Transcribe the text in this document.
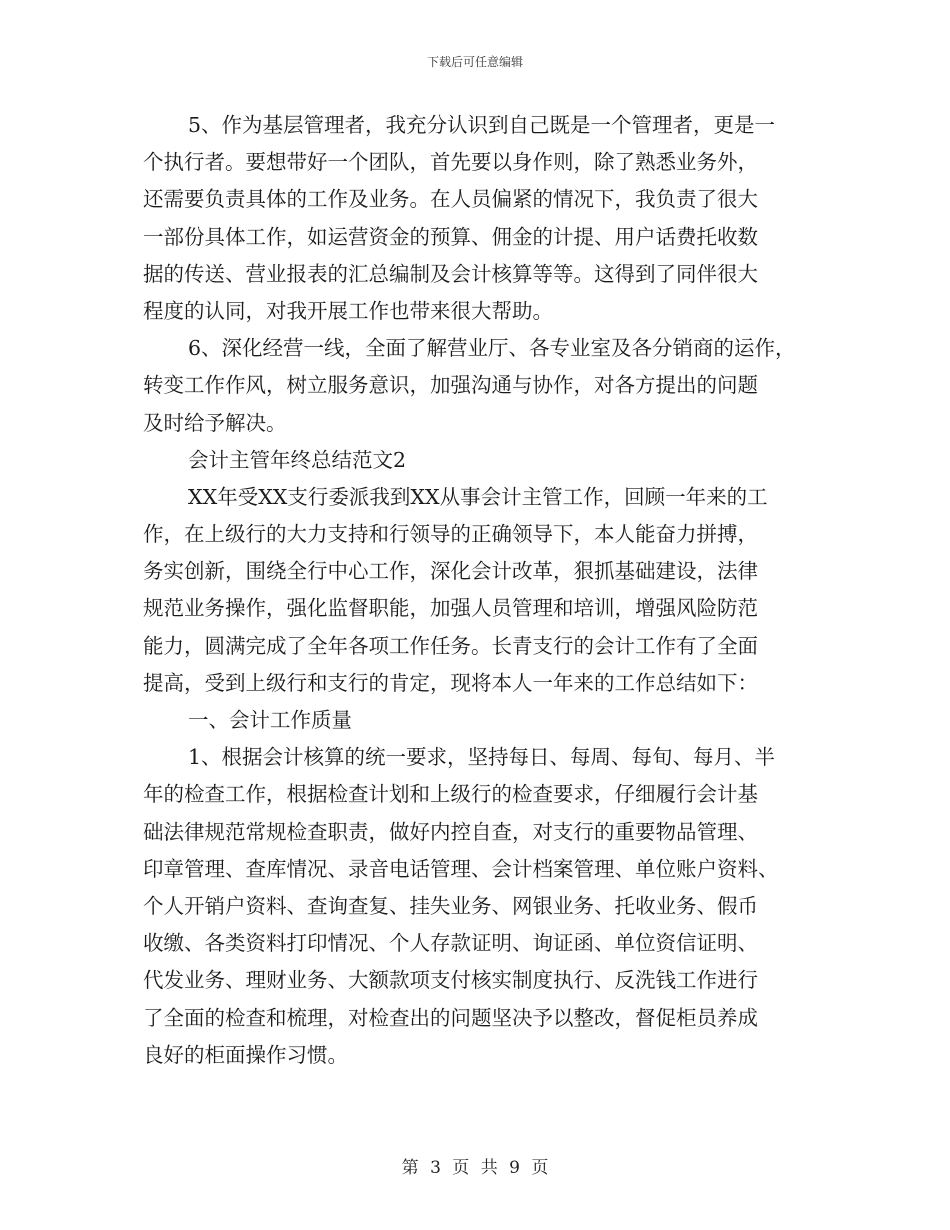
下载后可任意编辑
5、作为基层管理者，我充分认识到自己既是一个管理者，更是一
个执行者。要想带好一个团队，首先要以身作则，除了熟悉业务外，
还需要负责具体的工作及业务。在人员偏紧的情况下，我负责了很大
一部份具体工作，如运营资金的预算、佣金的计提、用户话费托收数
据的传送、营业报表的汇总编制及会计核算等等。这得到了同伴很大
程度的认同，对我开展工作也带来很大帮助。
6、深化经营一线，全面了解营业厅、各专业室及各分销商的运作，
转变工作作风，树立服务意识，加强沟通与协作，对各方提出的问题
及时给予解决。
会计主管年终总结范文2
XX年受XX支行委派我到XX从事会计主管工作，回顾一年来的工
作，在上级行的大力支持和行领导的正确领导下，本人能奋力拼搏，
务实创新，围绕全行中心工作，深化会计改革，狠抓基础建设，法律
规范业务操作，强化监督职能，加强人员管理和培训，增强风险防范
能力，圆满完成了全年各项工作任务。长青支行的会计工作有了全面
提高，受到上级行和支行的肯定，现将本人一年来的工作总结如下：
一、会计工作质量
1、根据会计核算的统一要求，坚持每日、每周、每旬、每月、半
年的检查工作，根据检查计划和上级行的检查要求，仔细履行会计基
础法律规范常规检查职责，做好内控自查，对支行的重要物品管理、
印章管理、查库情况、录音电话管理、会计档案管理、单位账户资料、
个人开销户资料、查询查复、挂失业务、网银业务、托收业务、假币
收缴、各类资料打印情况、个人存款证明、询证函、单位资信证明、
代发业务、理财业务、大额款项支付核实制度执行、反洗钱工作进行
了全面的检查和梳理，对检查出的问题坚决予以整改，督促柜员养成
良好的柜面操作习惯。
第 3 页 共 9 页
